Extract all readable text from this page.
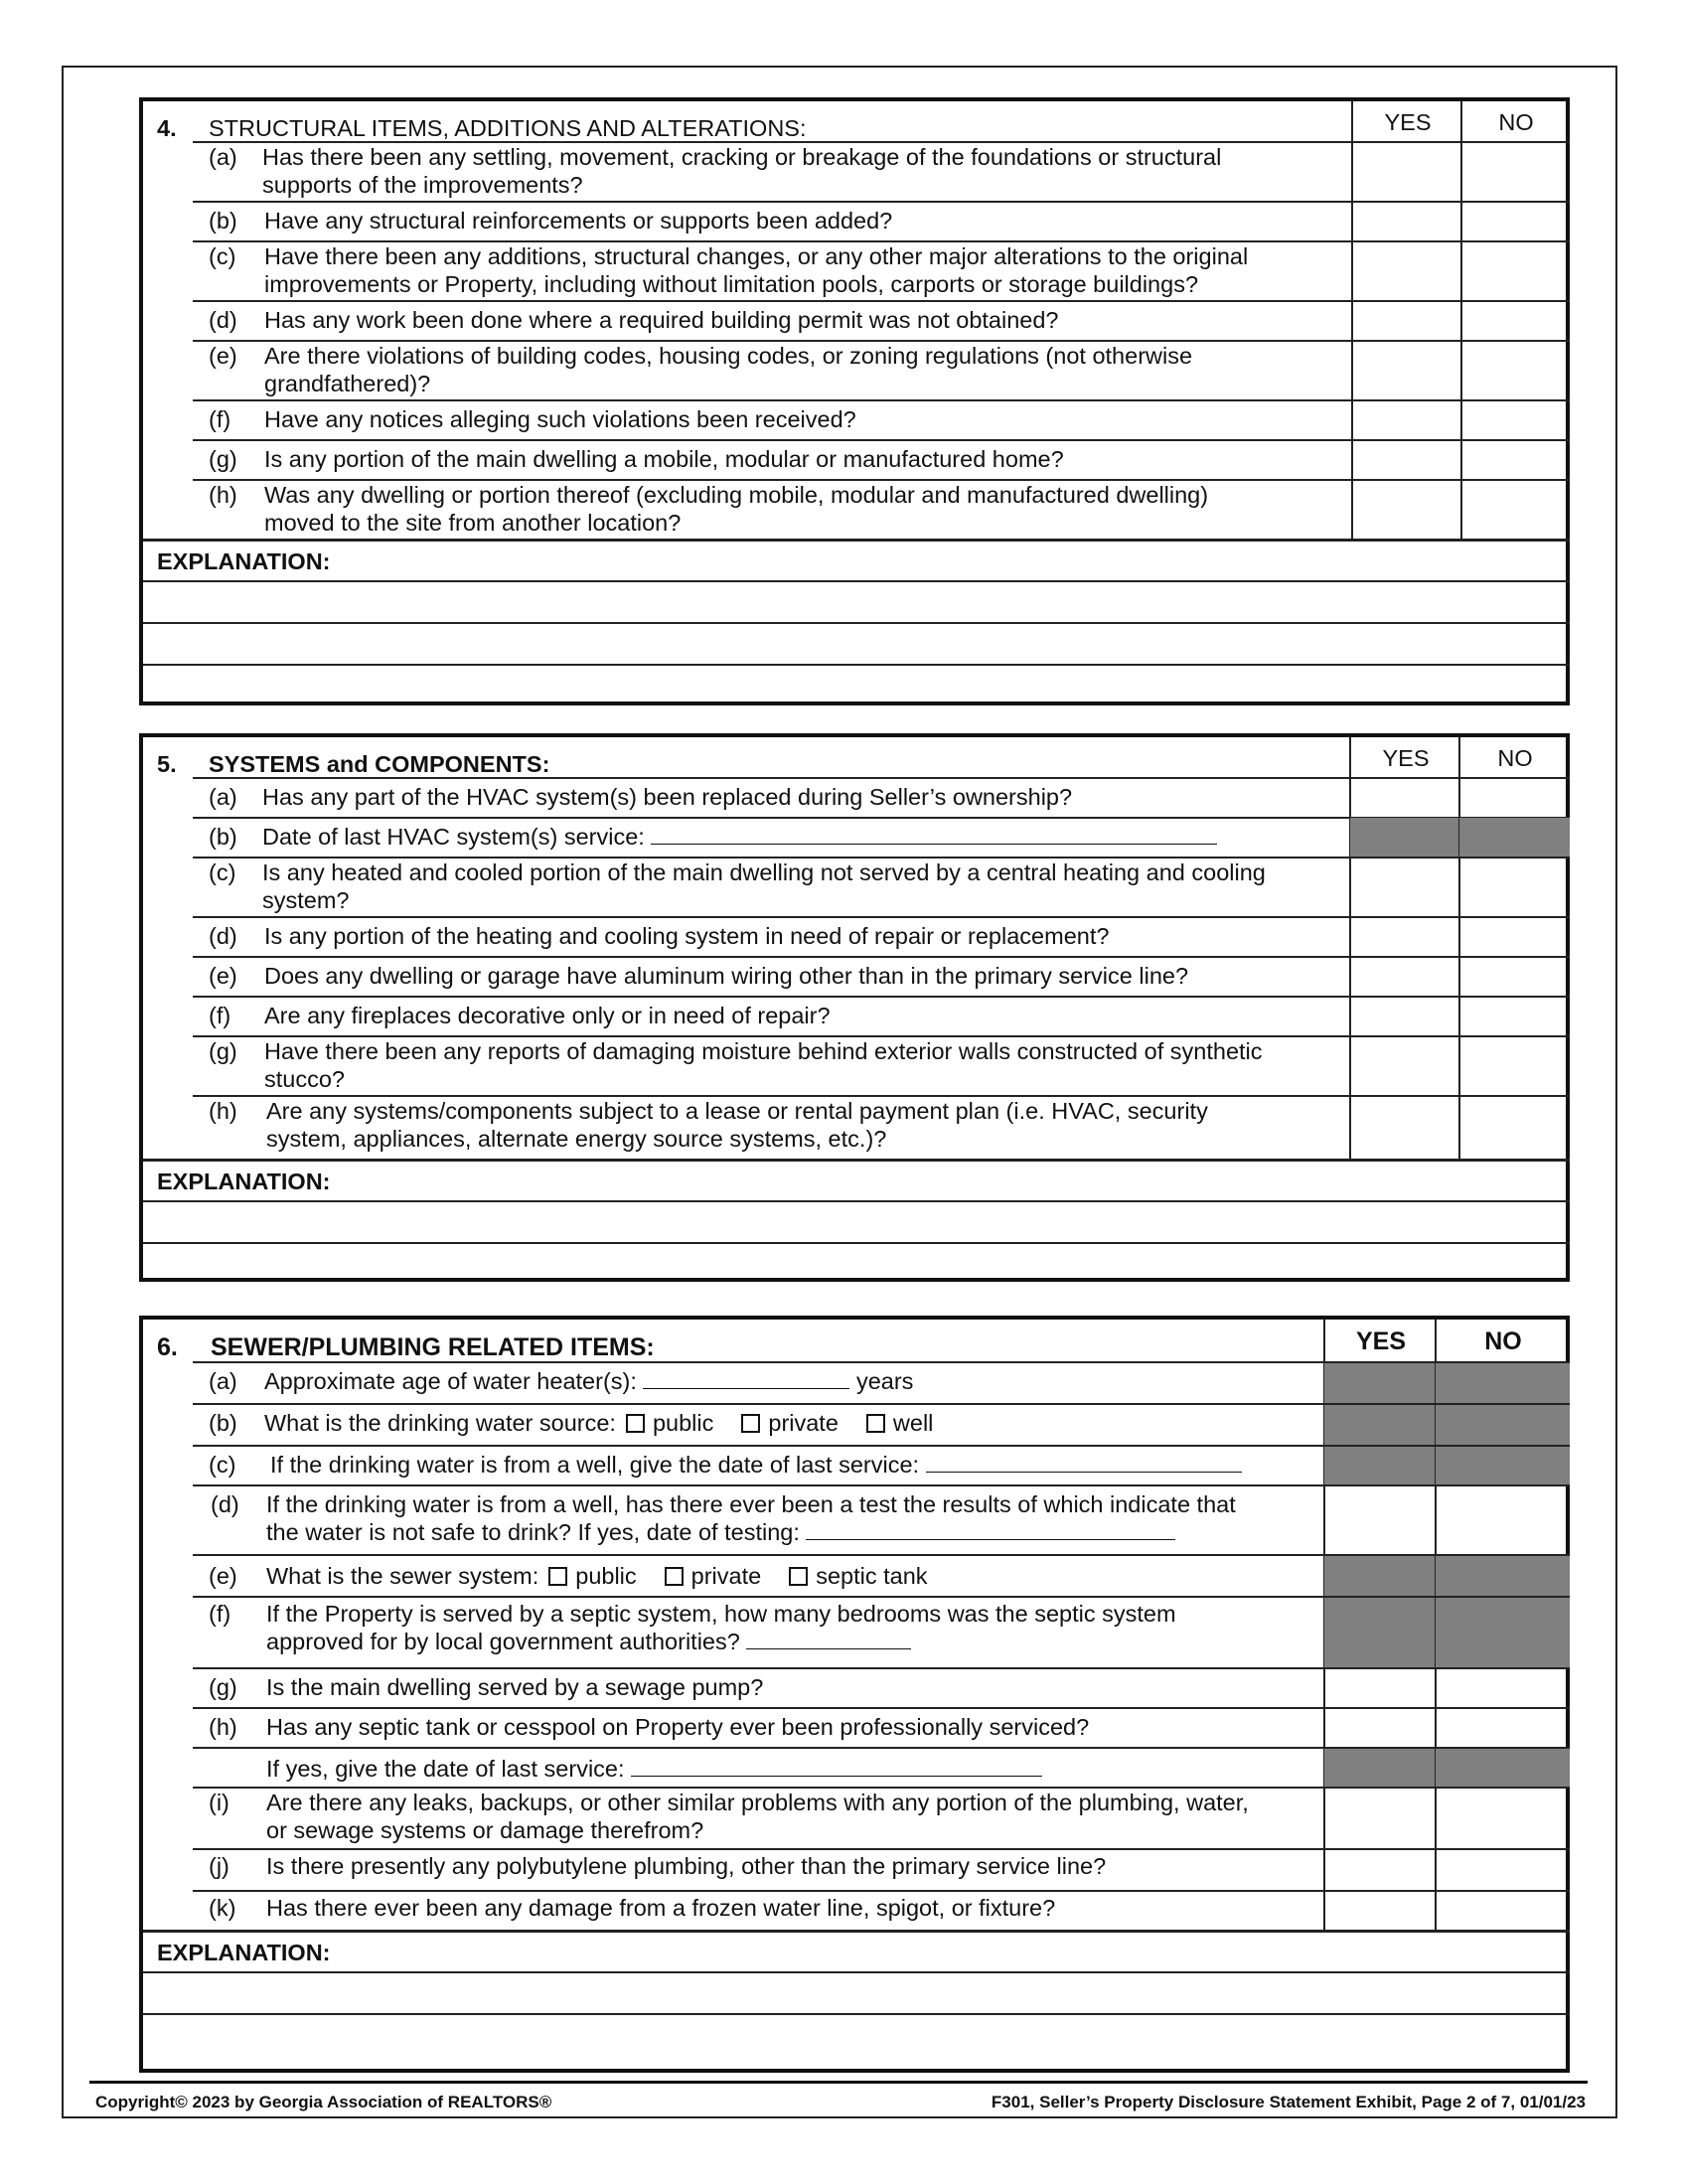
4. STRUCTURAL ITEMS, ADDITIONS AND ALTERATIONS:	YES	NO
(a) Has there been any settling, movement, cracking or breakage of the foundations or structural
supports of the improvements?
(b) Have any structural reinforcements or supports been added?
(c) Have there been any additions, structural changes, or any other major alterations to the original
improvements or Property, including without limitation pools, carports or storage buildings?
(d) Has any work been done where a required building permit was not obtained?
(e) Are there violations of building codes, housing codes, or zoning regulations (not otherwise
grandfathered)?
(f) Have any notices alleging such violations been received?
(g) Is any portion of the main dwelling a mobile, modular or manufactured home?
(h) Was any dwelling or portion thereof (excluding mobile, modular and manufactured dwelling)
moved to the site from another location?
EXPLANATION:
5. SYSTEMS and COMPONENTS:	YES	NO
(a) Has any part of the HVAC system(s) been replaced during Seller’s ownership?
(b) Date of last HVAC system(s) service:
(c) Is any heated and cooled portion of the main dwelling not served by a central heating and cooling
system?
(d) Is any portion of the heating and cooling system in need of repair or replacement?
(e) Does any dwelling or garage have aluminum wiring other than in the primary service line?
(f) Are any fireplaces decorative only or in need of repair?
(g) Have there been any reports of damaging moisture behind exterior walls constructed of synthetic
stucco?
(h) Are any systems/components subject to a lease or rental payment plan (i.e. HVAC, security
system, appliances, alternate energy source systems, etc.)?
EXPLANATION:
6. SEWER/PLUMBING RELATED ITEMS:	YES	NO
(a) Approximate age of water heater(s):	years
(b) What is the drinking water source: public private well
(c) If the drinking water is from a well, give the date of last service:
(d) If the drinking water is from a well, has there ever been a test the results of which indicate that
the water is not safe to drink? If yes, date of testing:
(e) What is the sewer system: public private septic tank
(f) If the Property is served by a septic system, how many bedrooms was the septic system
approved for by local government authorities?
(g) Is the main dwelling served by a sewage pump?
(h) Has any septic tank or cesspool on Property ever been professionally serviced?
If yes, give the date of last service:
(i) Are there any leaks, backups, or other similar problems with any portion of the plumbing, water,
or sewage systems or damage therefrom?
(j) Is there presently any polybutylene plumbing, other than the primary service line?
(k) Has there ever been any damage from a frozen water line, spigot, or fixture?
EXPLANATION:
Copyright© 2023 by Georgia Association of REALTORS®	F301, Seller’s Property Disclosure Statement Exhibit, Page 2 of 7, 01/01/23
